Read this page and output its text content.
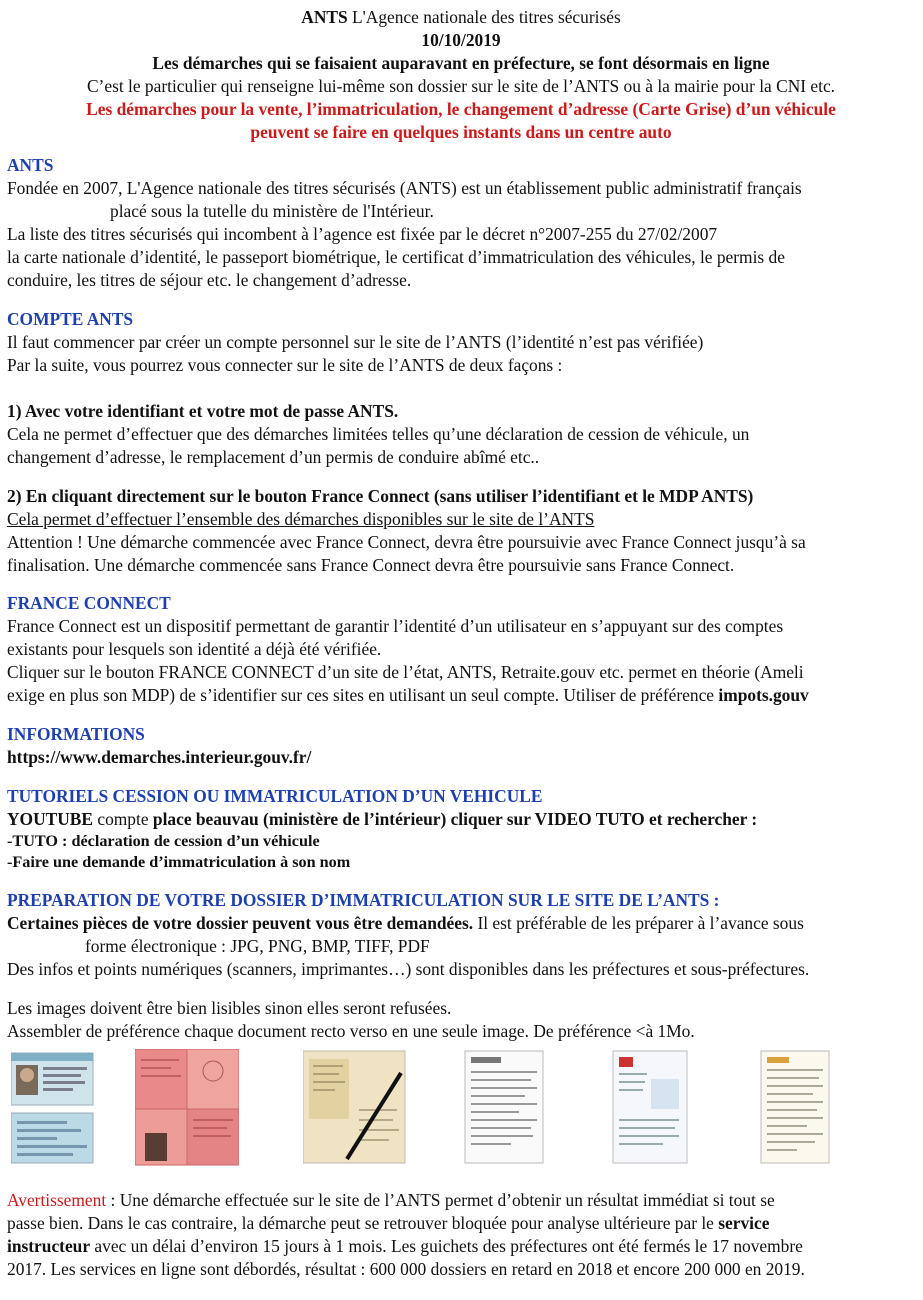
ANTS L'Agence nationale des titres sécurisés
10/10/2019
Les démarches qui se faisaient auparavant en préfecture, se font désormais en ligne
C’est le particulier qui renseigne lui-même son dossier sur le site de l’ANTS ou à la mairie pour la CNI etc.
Les démarches pour la vente, l’immatriculation, le changement d’adresse (Carte Grise) d’un véhicule
peuvent se faire en quelques instants dans un centre auto
ANTS
Fondée en 2007, L'Agence nationale des titres sécurisés (ANTS) est un établissement public administratif français
placé sous la tutelle du ministère de l'Intérieur.
La liste des titres sécurisés qui incombent à l’agence est fixée par le décret n°2007-255 du 27/02/2007
la carte nationale d’identité, le passeport biométrique, le certificat d’immatriculation des véhicules, le permis de
conduire, les titres de séjour etc. le changement d’adresse.
COMPTE ANTS
Il faut commencer par créer un compte personnel sur le site de l’ANTS (l’identité n’est pas vérifiée)
Par la suite, vous pourrez vous connecter sur le site de l’ANTS de deux façons :
1) Avec votre identifiant et votre mot de passe ANTS.
Cela ne permet d’effectuer que des démarches limitées telles qu’une déclaration de cession de véhicule, un
changement d’adresse, le remplacement d’un permis de conduire abîmé etc..
2) En cliquant directement sur le bouton France Connect (sans utiliser l’identifiant et le MDP ANTS)
Cela permet d’effectuer l’ensemble des démarches disponibles sur le site de l’ANTS
Attention ! Une démarche commencée avec France Connect, devra être poursuivie avec France Connect jusqu’à sa
finalisation. Une démarche commencée sans France Connect devra être poursuivie sans France Connect.
FRANCE CONNECT
France Connect est un dispositif permettant de garantir l’identité d’un utilisateur en s’appuyant sur des comptes
existants pour lesquels son identité a déjà été vérifiée.
Cliquer sur le bouton FRANCE CONNECT d’un site de l’état, ANTS, Retraite.gouv etc. permet en théorie (Ameli
exige en plus son MDP) de s’identifier sur ces sites en utilisant un seul compte. Utiliser de préférence impots.gouv
INFORMATIONS
https://www.demarches.interieur.gouv.fr/
TUTORIELS CESSION OU IMMATRICULATION D’UN VEHICULE
YOUTUBE compte place beauvau (ministère de l’intérieur) cliquer sur VIDEO TUTO et rechercher :
-TUTO : déclaration de cession d’un véhicule
-Faire une demande d’immatriculation à son nom
PREPARATION DE VOTRE DOSSIER D’IMMATRICULATION SUR LE SITE DE L’ANTS :
Certaines pièces de votre dossier peuvent vous être demandées. Il est préférable de les préparer à l’avance sous
forme électronique : JPG, PNG, BMP, TIFF, PDF
Des infos et points numériques (scanners, imprimantes…) sont disponibles dans les préfectures et sous-préfectures.
Les images doivent être bien lisibles sinon elles seront refusées.
Assembler de préférence chaque document recto verso en une seule image. De préférence <à 1Mo.
Avertissement : Une démarche effectuée sur le site de l’ANTS permet d’obtenir un résultat immédiat si tout se
passe bien. Dans le cas contraire, la démarche peut se retrouver bloquée pour analyse ultérieure par le service
instructeur avec un délai d’environ 15 jours à 1 mois. Les guichets des préfectures ont été fermés le 17 novembre
2017. Les services en ligne sont débordés, résultat : 600 000 dossiers en retard en 2018 et encore 200 000 en 2019.
